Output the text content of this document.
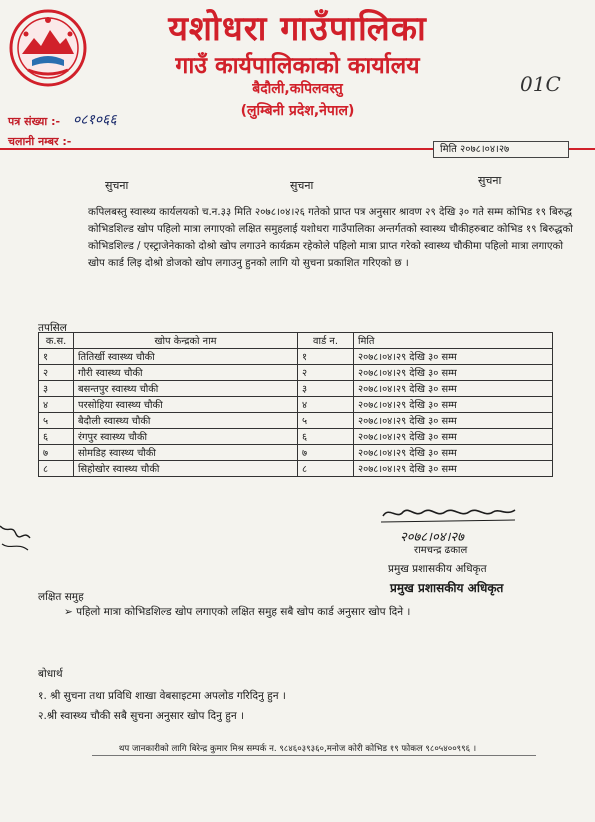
यशोधरा गाउँपालिका
गाउँ कार्यपालिकाको कार्यालय
बैदौली,कपिलवस्तु
(लुम्बिनी प्रदेश,नेपाल)
01C
पत्र संख्या :- ०८१०६६
चलानी नम्बर :-
मिति २०७८।०४।२७
सुचना	सुचना	सुचना
कपिलबस्तु स्वास्थ्य कार्यलयको च.न.३३ मिति २०७८।०४।२६ गतेको प्राप्त पत्र अनुसार श्रावण २९ देखि ३० गते सम्म कोभिड १९ बिरुद्ध कोभिडशिल्ड खोप पहिलो मात्रा लगाएको लक्षित समुहलाई यशोधरा गाउँपालिका अन्तर्गतको स्वास्थ्य चौकीहरुबाट कोभिड १९ बिरुद्धको कोभिडशिल्ड / एस्ट्राजेनेकाको दोश्रो खोप लगाउने कार्यक्रम रहेकोले पहिलो मात्रा प्राप्त गरेको स्वास्थ्य चौकीमा पहिलो मात्रा लगाएको खोप कार्ड लिइ दोश्रो डोजको खोप लगाउनु हुनको लागि यो सुचना प्रकाशित गरिएको छ ।
तपसिल
क.स.	खोप केन्द्रको नाम	वार्ड न.	मिति
१	तितिर्खी स्वास्थ्य चौकी	१	२०७८।०४।२९ देखि ३० सम्म
२	गौरी स्वास्थ्य चौकी	२	२०७८।०४।२९ देखि ३० सम्म
३	बसन्तपुर स्वास्थ्य चौकी	३	२०७८।०४।२९ देखि ३० सम्म
४	परसोहिया स्वास्थ्य चौकी	४	२०७८।०४।२९ देखि ३० सम्म
५	बैदौली स्वास्थ्य चौकी	५	२०७८।०४।२९ देखि ३० सम्म
६	रंगपुर स्वास्थ्य चौकी	६	२०७८।०४।२९ देखि ३० सम्म
७	सोमडिह स्वास्थ्य चौकी	७	२०७८।०४।२९ देखि ३० सम्म
८	सिहोखोर स्वास्थ्य चौकी	८	२०७८।०४।२९ देखि ३० सम्म
२०७८।०४।२७
रामचन्द्र ढकाल
प्रमुख प्रशासकीय अधिकृत
प्रमुख प्रशासकीय अधिकृत
लक्षित समुह
➢ पहिलो मात्रा कोभिडशिल्ड खोप लगाएको लक्षित समुह सबै खोप कार्ड अनुसार खोप दिने ।
बोधार्थ
१. श्री सुचना तथा प्रविधि शाखा वेबसाइटमा अपलोड गरिदिनु हुन ।
२.श्री स्वास्थ्य चौकी सबै सुचना अनुसार खोप दिनु हुन ।
थप जानकारीको लागि बिरेन्द्र कुमार मिश्र सम्पर्क न. ९८४६०३९३६०,मनोज कोरी कोभिड १९ फोकल ९८०५४००९९६ ।
